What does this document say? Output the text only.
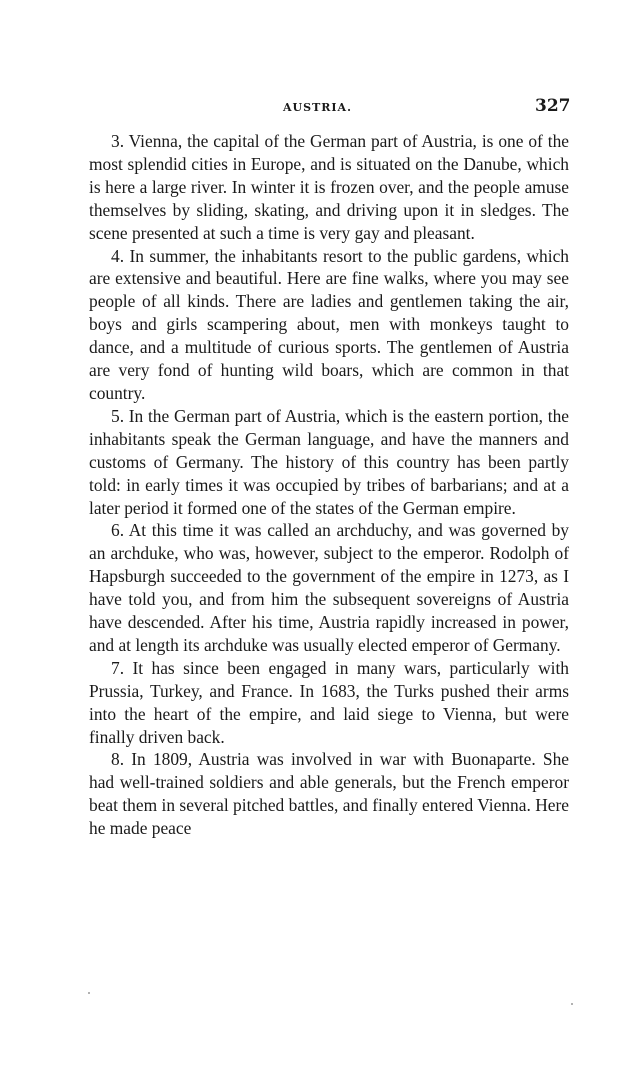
AUSTRIA.	327

3. Vienna, the capital of the German part of Austria, is one of the most splendid cities in Europe, and is situated on the Danube, which is here a large river. In winter it is frozen over, and the people amuse themselves by sliding, skating, and driving upon it in sledges. The scene presented at such a time is very gay and pleasant.

4. In summer, the inhabitants resort to the public gardens, which are extensive and beautiful. Here are fine walks, where you may see people of all kinds. There are ladies and gentlemen taking the air, boys and girls scampering about, men with monkeys taught to dance, and a multitude of curious sports. The gentlemen of Austria are very fond of hunting wild boars, which are common in that country.

5. In the German part of Austria, which is the eastern portion, the inhabitants speak the German language, and have the manners and customs of Germany. The history of this country has been partly told: in early times it was occupied by tribes of barbarians; and at a later period it formed one of the states of the German empire.

6. At this time it was called an archduchy, and was governed by an archduke, who was, however, subject to the emperor. Rodolph of Hapsburgh succeeded to the government of the empire in 1273, as I have told you, and from him the subsequent sovereigns of Austria have descended. After his time, Austria rapidly increased in power, and at length its archduke was usually elected emperor of Germany.

7. It has since been engaged in many wars, particularly with Prussia, Turkey, and France. In 1683, the Turks pushed their arms into the heart of the empire, and laid siege to Vienna, but were finally driven back.

8. In 1809, Austria was involved in war with Buonaparte. She had well-trained soldiers and able generals, but the French emperor beat them in several pitched battles, and finally entered Vienna. Here he made peace
